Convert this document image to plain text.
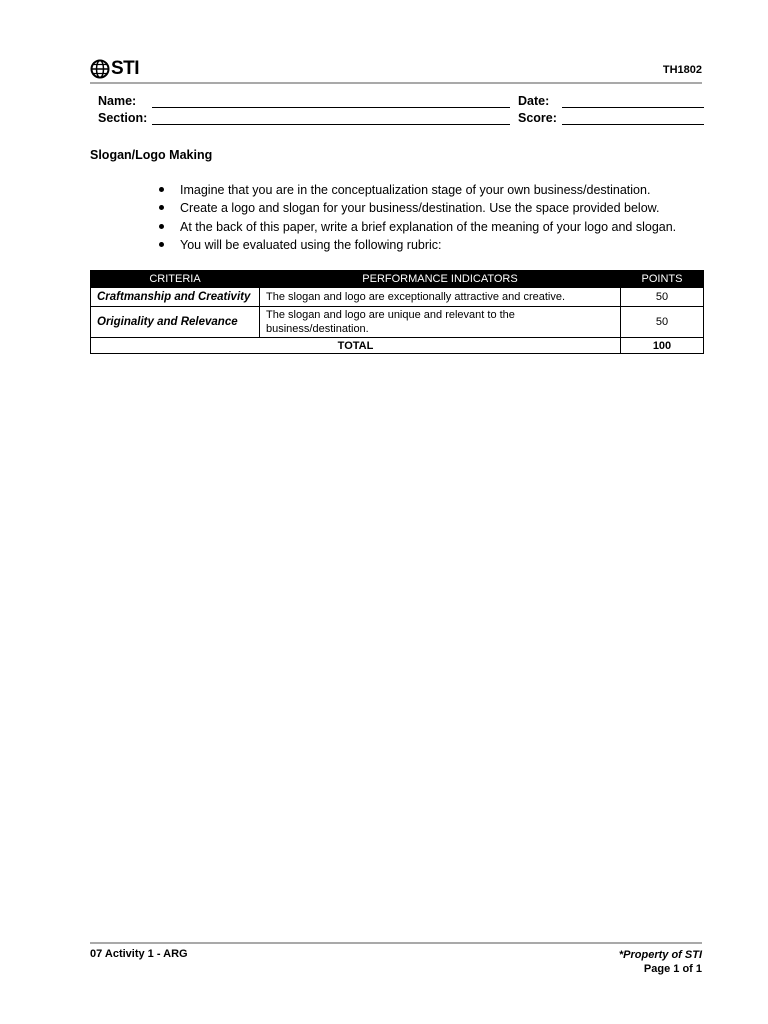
STI	TH1802
Name:	Date:
Section:	Score:
Slogan/Logo Making
Imagine that you are in the conceptualization stage of your own business/destination.
Create a logo and slogan for your business/destination. Use the space provided below.
At the back of this paper, write a brief explanation of the meaning of your logo and slogan.
You will be evaluated using the following rubric:
CRITERIA	PERFORMANCE INDICATORS	POINTS
Craftmanship and Creativity	The slogan and logo are exceptionally attractive and creative.	50
Originality and Relevance	The slogan and logo are unique and relevant to the business/destination.	50
TOTAL		100
07 Activity 1 - ARG	*Property of STI
Page 1 of 1
